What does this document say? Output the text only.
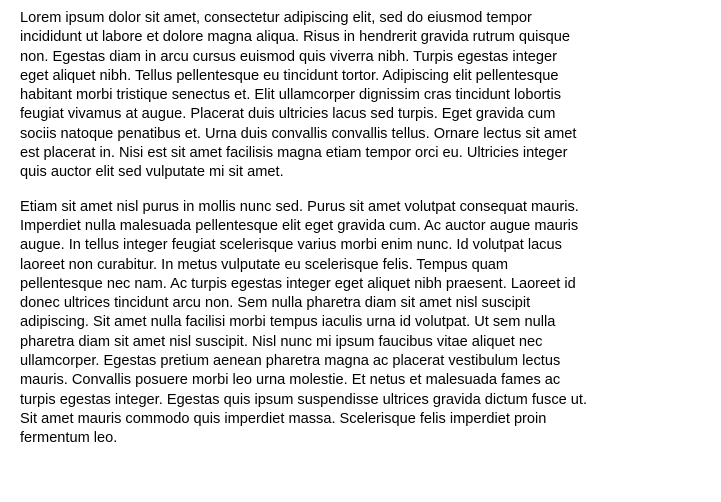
Lorem ipsum dolor sit amet, consectetur adipiscing elit, sed do eiusmod tempor
incididunt ut labore et dolore magna aliqua. Risus in hendrerit gravida rutrum quisque
non. Egestas diam in arcu cursus euismod quis viverra nibh. Turpis egestas integer
eget aliquet nibh. Tellus pellentesque eu tincidunt tortor. Adipiscing elit pellentesque
habitant morbi tristique senectus et. Elit ullamcorper dignissim cras tincidunt lobortis
feugiat vivamus at augue. Placerat duis ultricies lacus sed turpis. Eget gravida cum
sociis natoque penatibus et. Urna duis convallis convallis tellus. Ornare lectus sit amet
est placerat in. Nisi est sit amet facilisis magna etiam tempor orci eu. Ultricies integer
quis auctor elit sed vulputate mi sit amet.

Etiam sit amet nisl purus in mollis nunc sed. Purus sit amet volutpat consequat mauris.
Imperdiet nulla malesuada pellentesque elit eget gravida cum. Ac auctor augue mauris
augue. In tellus integer feugiat scelerisque varius morbi enim nunc. Id volutpat lacus
laoreet non curabitur. In metus vulputate eu scelerisque felis. Tempus quam
pellentesque nec nam. Ac turpis egestas integer eget aliquet nibh praesent. Laoreet id
donec ultrices tincidunt arcu non. Sem nulla pharetra diam sit amet nisl suscipit
adipiscing. Sit amet nulla facilisi morbi tempus iaculis urna id volutpat. Ut sem nulla
pharetra diam sit amet nisl suscipit. Nisl nunc mi ipsum faucibus vitae aliquet nec
ullamcorper. Egestas pretium aenean pharetra magna ac placerat vestibulum lectus
mauris. Convallis posuere morbi leo urna molestie. Et netus et malesuada fames ac
turpis egestas integer. Egestas quis ipsum suspendisse ultrices gravida dictum fusce ut.
Sit amet mauris commodo quis imperdiet massa. Scelerisque felis imperdiet proin
fermentum leo.
